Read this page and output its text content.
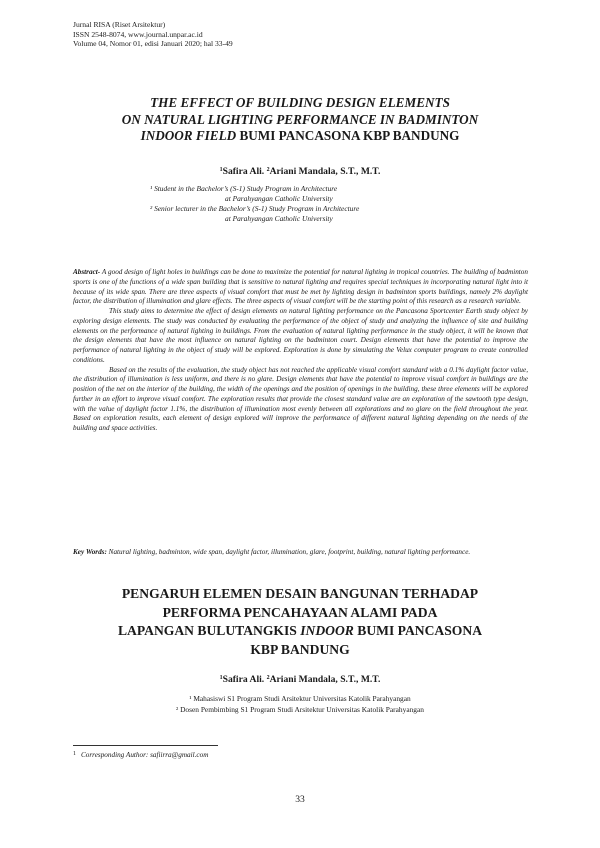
Jurnal RISA (Riset Arsitektur)
ISSN 2548-8074, www.journal.unpar.ac.id
Volume 04, Nomor 01, edisi Januari 2020; hal 33-49
THE EFFECT OF BUILDING DESIGN ELEMENTS
ON NATURAL LIGHTING PERFORMANCE IN BADMINTON
INDOOR FIELD BUMI PANCASONA KBP BANDUNG
$^1$Safira Ali. $^2$Ariani Mandala, S.T., M.T.
¹ Student in the Bachelor’s (S-1) Study Program in Architecture
at Parahyangan Catholic University
² Senior lecturer in the Bachelor’s (S-1) Study Program in Architecture
at Parahyangan Catholic University

Abstract- A good design of light holes in buildings can be done to maximize the potential for natural lighting in tropical countries. The building of badminton sports is one of the functions of a wide span building that is sensitive to natural lighting and requires special techniques in incorporating natural light into it because of its wide span. There are three aspects of visual comfort that must be met by lighting design in badminton sports buildings, namely 2% daylight factor, the distribution of illumination and glare effects. The three aspects of visual comfort will be the starting point of this research as a research variable.

This study aims to determine the effect of design elements on natural lighting performance on the Pancasona Sportcenter Earth study object by exploring design elements. The study was conducted by evaluating the performance of the object of study and analyzing the influence of site and building elements on the performance of natural lighting in buildings. From the evaluation of natural lighting performance in the study object, it will be known that the design elements that have the most influence on natural lighting on the badminton court. Design elements that have the potential to improve the performance of natural lighting in the object of study will be explored. Exploration is done by simulating the Velux computer program to create controlled conditions.

Based on the results of the evaluation, the study object has not reached the applicable visual comfort standard with a 0.1% daylight factor value, the distribution of illumination is less uniform, and there is no glare. Design elements that have the potential to improve visual comfort in buildings are the position of the net on the interior of the building, the width of the openings and the position of openings in the building, these three elements will be explored further in an effort to improve visual comfort. The exploration results that provide the closest standard value are an exploration of the sawtooth type design, with the value of daylight factor 1.1%, the distribution of illumination most evenly between all explorations and no glare on the field throughout the year. Based on exploration results, each element of design explored will improve the performance of different natural lighting depending on the needs of the building and space activities.

Key Words: Natural lighting, badminton, wide span, daylight factor, illumination, glare, footprint, building, natural lighting performance.

PENGARUH ELEMEN DESAIN BANGUNAN TERHADAP
PERFORMA PENCAHAYAAN ALAMI PADA
LAPANGAN BULUTANGKIS INDOOR BUMI PANCASONA
KBP BANDUNG
$^1$Safira Ali. $^2$Ariani Mandala, S.T., M.T.
¹ Mahasiswi S1 Program Studi Arsitektur Universitas Katolik Parahyangan
² Dosen Pembimbing S1 Program Studi Arsitektur Universitas Katolik Parahyangan
$^1$ Corresponding Author: safiirra@gmail.com
33
